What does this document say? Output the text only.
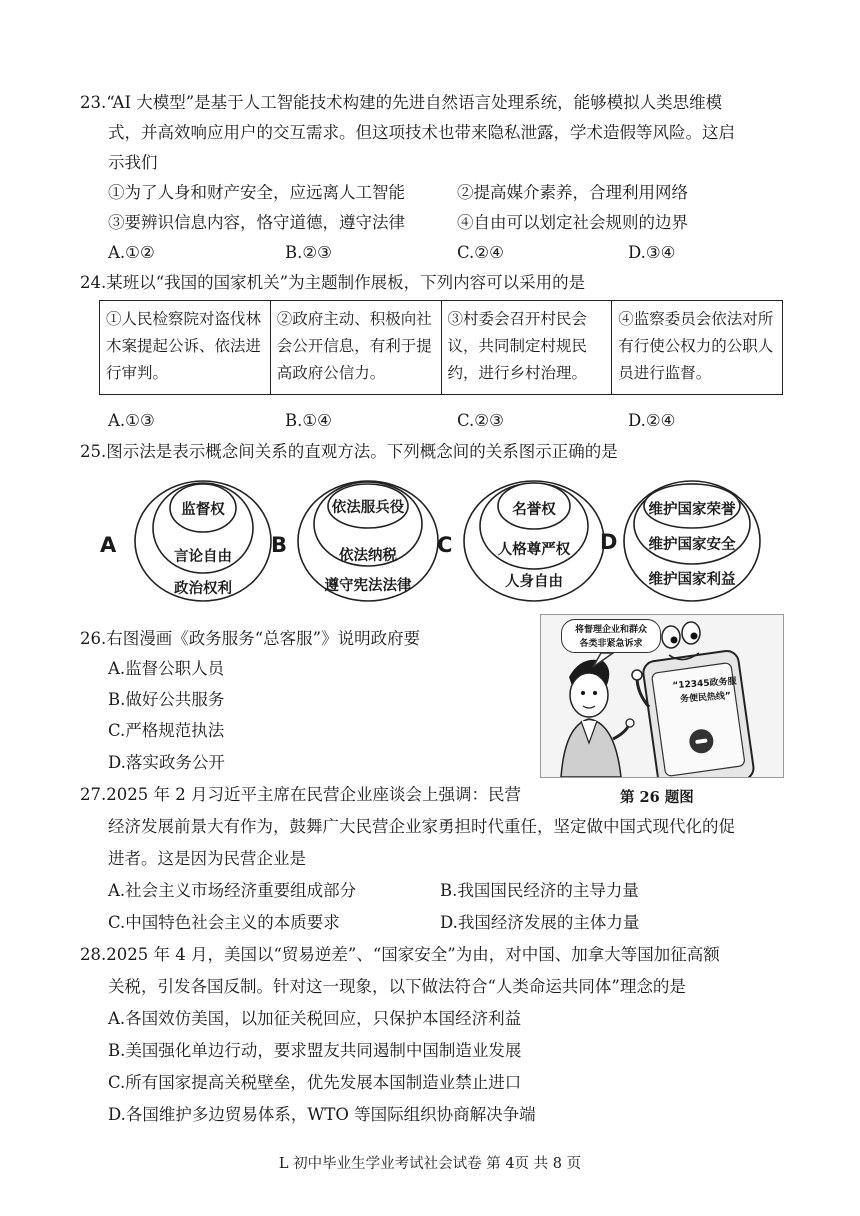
23.“AI 大模型”是基于人工智能技术构建的先进自然语言处理系统，能够模拟人类思维模
式，并高效响应用户的交互需求。但这项技术也带来隐私泄露，学术造假等风险。这启
示我们
①为了人身和财产安全，应远离人工智能	②提高媒介素养，合理利用网络
③要辨识信息内容，恪守道德，遵守法律	④自由可以划定社会规则的边界
A.①②	B.②③	C.②④	D.③④
24.某班以“我国的国家机关”为主题制作展板，下列内容可以采用的是
①人民检察院对盗伐林木案提起公诉、依法进行审判。	②政府主动、积极向社会公开信息，有利于提高政府公信力。	③村委会召开村民会议，共同制定村规民约，进行乡村治理。	④监察委员会依法对所有行使公权力的公职人员进行监督。
A.①③	B.①④	C.②③	D.②④
25.图示法是表示概念间关系的直观方法。下列概念间的关系图示正确的是
A
监督权
言论自由
政治权利
B
依法服兵役
依法纳税
遵守宪法法律
C
名誉权
人格尊严权
人身自由
D
维护国家荣誉
维护国家安全
维护国家利益
26.右图漫画《政务服务“总客服”》说明政府要
A.监督公职人员
B.做好公共服务
C.严格规范执法
D.落实政务公开
将督理企业和群众
各类非紧急诉求
“12345政务服
务便民热线”
第 26 题图
27.2025 年 2 月习近平主席在民营企业座谈会上强调：民营
经济发展前景大有作为，鼓舞广大民营企业家勇担时代重任，坚定做中国式现代化的促
进者。这是因为民营企业是
A.社会主义市场经济重要组成部分	B.我国国民经济的主导力量
C.中国特色社会主义的本质要求	D.我国经济发展的主体力量
28.2025 年 4 月，美国以“贸易逆差”、“国家安全”为由，对中国、加拿大等国加征高额
关税，引发各国反制。针对这一现象，以下做法符合“人类命运共同体”理念的是
A.各国效仿美国，以加征关税回应，只保护本国经济利益
B.美国强化单边行动，要求盟友共同遏制中国制造业发展
C.所有国家提高关税壁垒，优先发展本国制造业禁止进口
D.各国维护多边贸易体系，WTO 等国际组织协商解决争端
L 初中毕业生学业考试社会试卷 第 4页 共 8 页
